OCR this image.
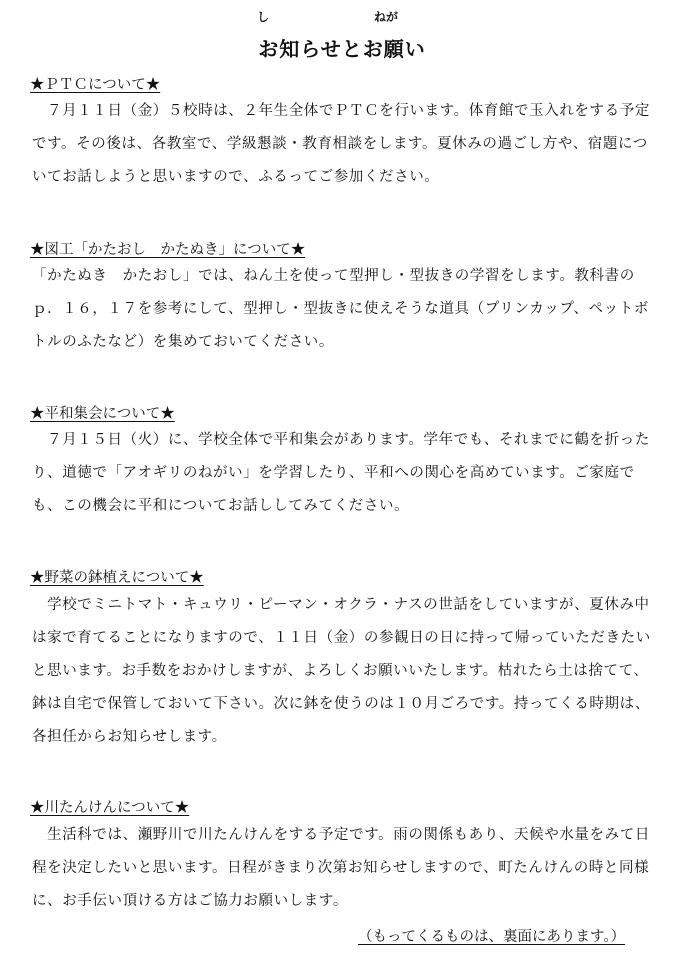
し	ねが
お知らせとお願い
★ＰＴＣについて★
　７月１１日（金）５校時は、２年生全体でＰＴＣを行います。体育館で玉入れをする予定です。その後は、各教室で、学級懇談・教育相談をします。夏休みの過ごし方や、宿題についてお話しようと思いますので、ふるってご参加ください。
★図工「かたおし　かたぬき」について★
「かたぬき　かたおし」では、ねん土を使って型押し・型抜きの学習をします。教科書のｐ．１６，１７を参考にして、型押し・型抜きに使えそうな道具（プリンカップ、ペットボトルのふたなど）を集めておいてください。
★平和集会について★
　７月１５日（火）に、学校全体で平和集会があります。学年でも、それまでに鶴を折ったり、道徳で「アオギリのねがい」を学習したり、平和への関心を高めています。ご家庭でも、この機会に平和についてお話ししてみてください。
★野菜の鉢植えについて★
　学校でミニトマト・キュウリ・ピーマン・オクラ・ナスの世話をしていますが、夏休み中は家で育てることになりますので、１１日（金）の参観日の日に持って帰っていただきたいと思います。お手数をおかけしますが、よろしくお願いいたします。枯れたら土は捨てて、鉢は自宅で保管しておいて下さい。次に鉢を使うのは１０月ごろです。持ってくる時期は、各担任からお知らせします。
★川たんけんについて★
　生活科では、瀬野川で川たんけんをする予定です。雨の関係もあり、天候や水量をみて日程を決定したいと思います。日程がきまり次第お知らせしますので、町たんけんの時と同様に、お手伝い頂ける方はご協力お願いします。
（もってくるものは、裏面にあります。）
